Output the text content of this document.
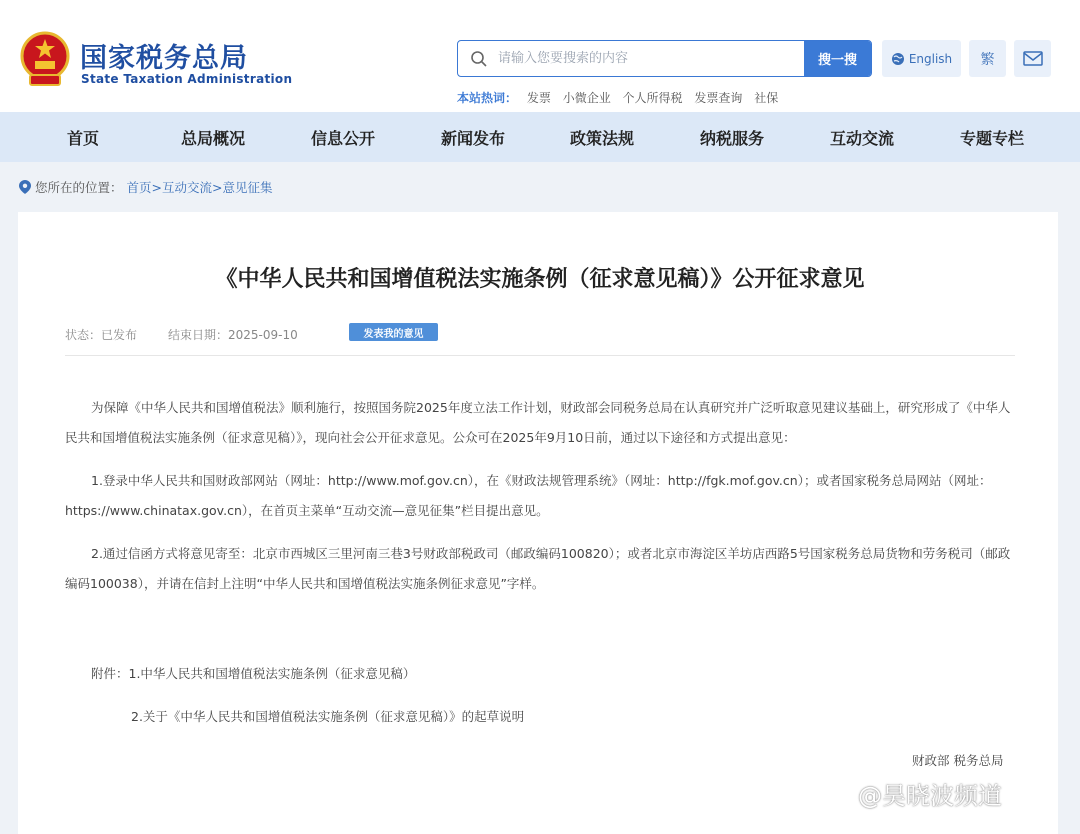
国家税务总局
State Taxation Administration
请输入您要搜索的内容
搜一搜	English	繁
本站热词： 发票 小微企业 个人所得税 发票查询 社保
首页	总局概况	信息公开	新闻发布	政策法规	纳税服务	互动交流	专题专栏
您所在的位置： 首页>互动交流>意见征集
《中华人民共和国增值税法实施条例（征求意见稿）》公开征求意见
状态：已发布	结束日期：2025-09-10	发表我的意见
为保障《中华人民共和国增值税法》顺利施行，按照国务院2025年度立法工作计划，财政部会同税务总局在认真研究并广泛听取意见建议基础上，研究形成了《中华人民共和国增值税法实施条例（征求意见稿）》，现向社会公开征求意见。公众可在2025年9月10日前，通过以下途径和方式提出意见：
1.登录中华人民共和国财政部网站（网址：http://www.mof.gov.cn），在《财政法规管理系统》（网址：http://fgk.mof.gov.cn）；或者国家税务总局网站（网址：https://www.chinatax.gov.cn），在首页主菜单“互动交流—意见征集”栏目提出意见。
2.通过信函方式将意见寄至：北京市西城区三里河南三巷3号财政部税政司（邮政编码100820）；或者北京市海淀区羊坊店西路5号国家税务总局货物和劳务税司（邮政编码100038），并请在信封上注明“中华人民共和国增值税法实施条例征求意见”字样。
附件：1.中华人民共和国增值税法实施条例（征求意见稿）
2.关于《中华人民共和国增值税法实施条例（征求意见稿）》的起草说明
财政部 税务总局
@昊晓波频道
